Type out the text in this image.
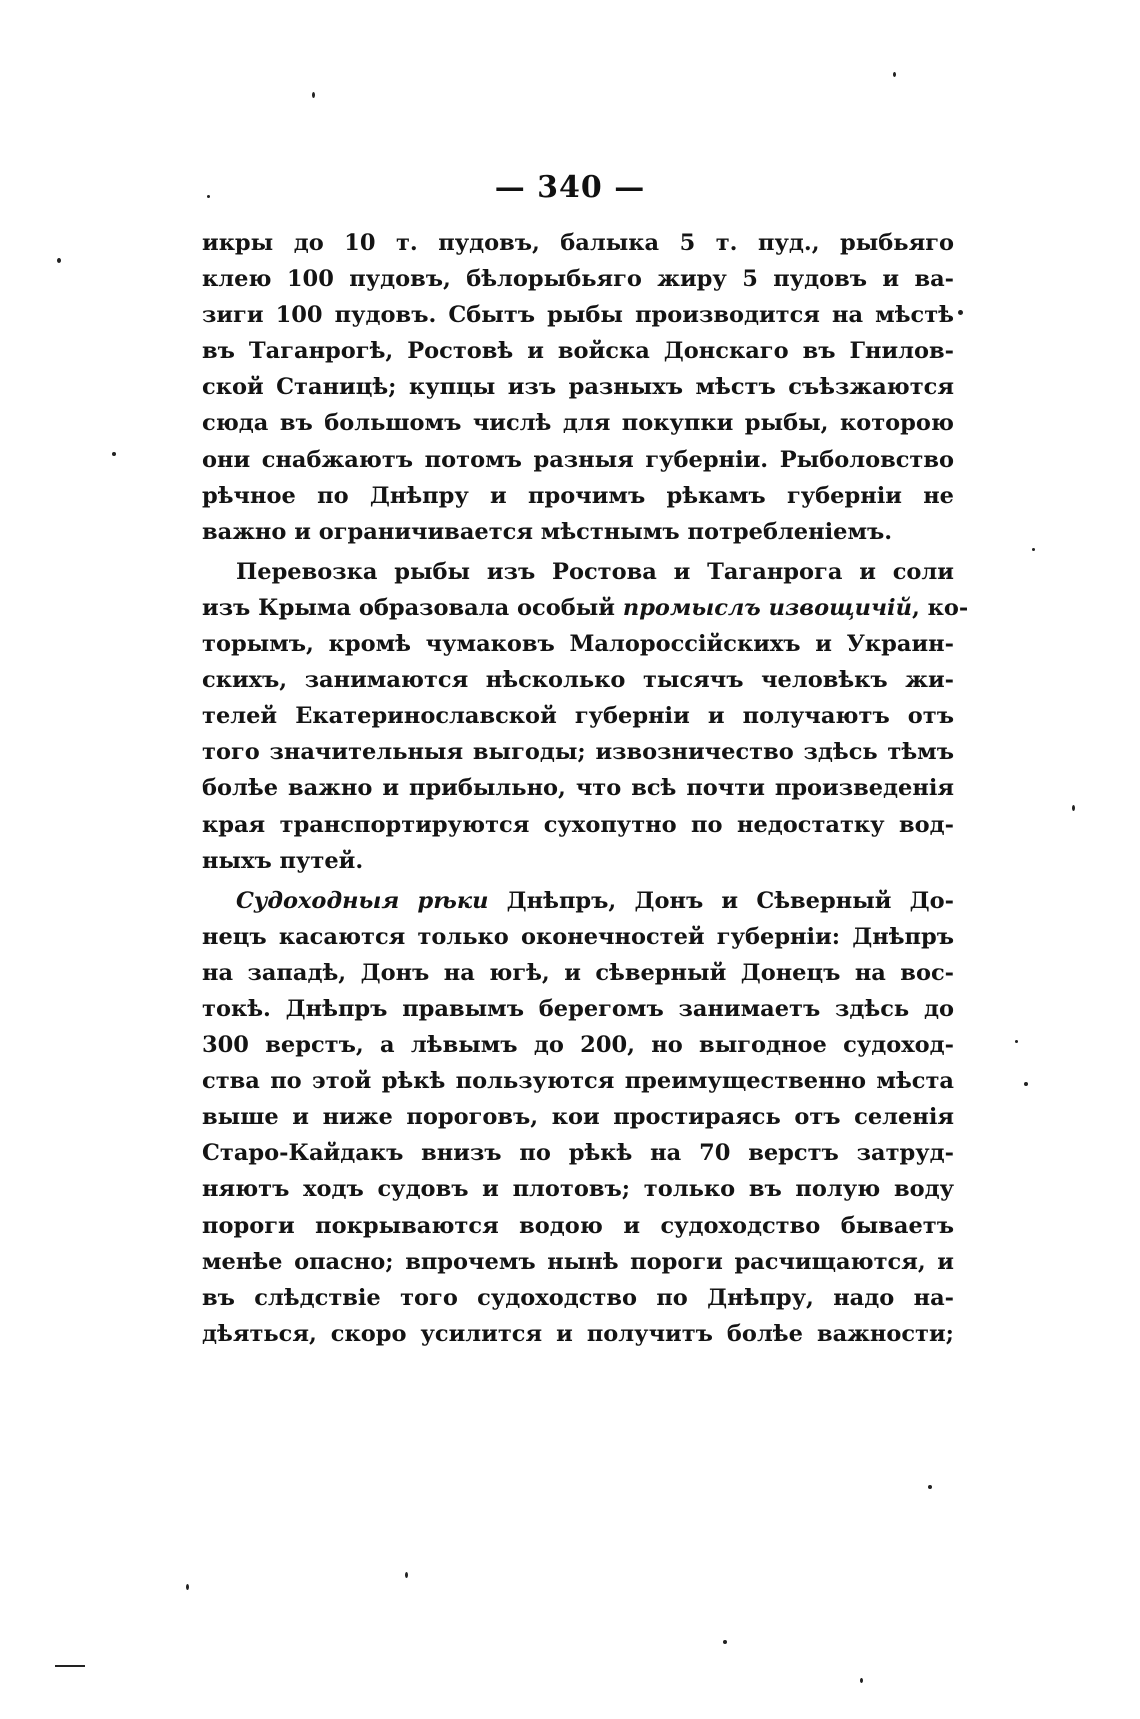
— 340 —
икры до 10 т. пудовъ, балыка 5 т. пуд., рыбьяго
клею 100 пудовъ, бѣлорыбьяго жиру 5 пудовъ и ва-
зиги 100 пудовъ. Сбытъ рыбы производится на мѣстѣ
въ Таганрогѣ, Ростовѣ и войска Донскаго въ Гнилов-
ской Станицѣ; купцы изъ разныхъ мѣстъ съѣзжаются
сюда въ большомъ числѣ для покупки рыбы, которою
они снабжаютъ потомъ разныя губерніи. Рыболовство
рѣчное по Днѣпру и прочимъ рѣкамъ губерніи не
важно и ограничивается мѣстнымъ потребленіемъ.
Перевозка рыбы изъ Ростова и Таганрога и соли
изъ Крыма образовала особый промыслъ извощичій, ко-
торымъ, кромѣ чумаковъ Малороссійскихъ и Украин-
скихъ, занимаются нѣсколько тысячъ человѣкъ жи-
телей Екатеринославской губерніи и получаютъ отъ
того значительныя выгоды; извозничество здѣсь тѣмъ
болѣе важно и прибыльно, что всѣ почти произведенія
края транспортируются сухопутно по недостатку вод-
ныхъ путей.
Судоходныя рѣки Днѣпръ, Донъ и Сѣверный До-
нецъ касаются только оконечностей губерніи: Днѣпръ
на западѣ, Донъ на югѣ, и сѣверный Донецъ на вос-
токѣ. Днѣпръ правымъ берегомъ занимаетъ здѣсь до
300 верстъ, а лѣвымъ до 200, но выгодное судоход-
ства по этой рѣкѣ пользуются преимущественно мѣста
выше и ниже пороговъ, кои простираясь отъ селенія
Старо-Кайдакъ внизъ по рѣкѣ на 70 верстъ затруд-
няютъ ходъ судовъ и плотовъ; только въ полую воду
пороги покрываются водою и судоходство бываетъ
менѣе опасно; впрочемъ нынѣ пороги расчищаются, и
въ слѣдствіе того судоходство по Днѣпру, надо на-
дѣяться, скоро усилится и получитъ болѣе важности;
